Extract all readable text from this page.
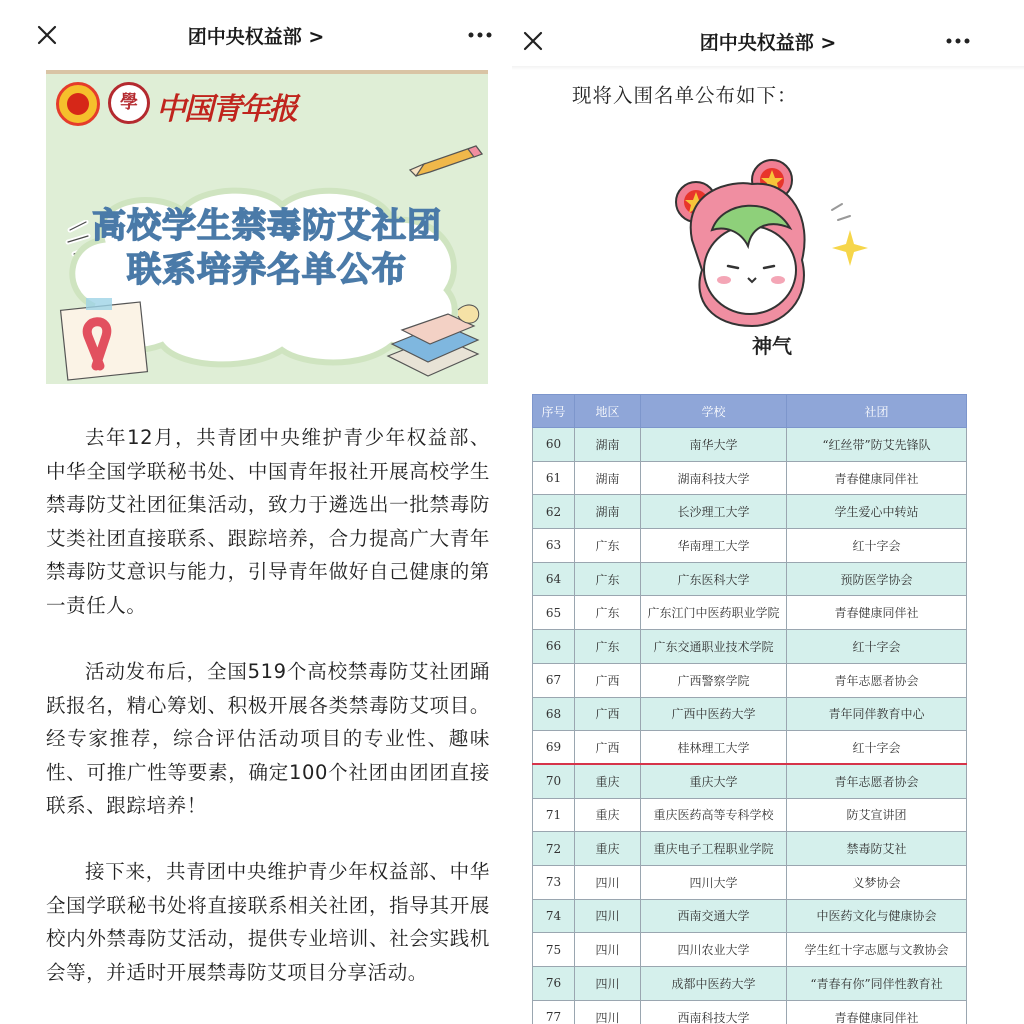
团中央权益部 >
學 中国青年报
高校学生禁毒防艾社团
联系培养名单公布

去年12月，共青团中央维护青少年权益部、中华全国学联秘书处、中国青年报社开展高校学生禁毒防艾社团征集活动，致力于遴选出一批禁毒防艾类社团直接联系、跟踪培养，合力提高广大青年禁毒防艾意识与能力，引导青年做好自己健康的第一责任人。

活动发布后，全国519个高校禁毒防艾社团踊跃报名，精心筹划、积极开展各类禁毒防艾项目。经专家推荐，综合评估活动项目的专业性、趣味性、可推广性等要素，确定100个社团由团团直接联系、跟踪培养！

接下来，共青团中央维护青少年权益部、中华全国学联秘书处将直接联系相关社团，指导其开展校内外禁毒防艾活动，提供专业培训、社会实践机会等，并适时开展禁毒防艾项目分享活动。

团中央权益部 >
现将入围名单公布如下：
神气
序号	地区	学校	社团
60	湖南	南华大学	“红丝带”防艾先锋队
61	湖南	湖南科技大学	青春健康同伴社
62	湖南	长沙理工大学	学生爱心中转站
63	广东	华南理工大学	红十字会
64	广东	广东医科大学	预防医学协会
65	广东	广东江门中医药职业学院	青春健康同伴社
66	广东	广东交通职业技术学院	红十字会
67	广西	广西警察学院	青年志愿者协会
68	广西	广西中医药大学	青年同伴教育中心
69	广西	桂林理工大学	红十字会
70	重庆	重庆大学	青年志愿者协会
71	重庆	重庆医药高等专科学校	防艾宣讲团
72	重庆	重庆电子工程职业学院	禁毒防艾社
73	四川	四川大学	义梦协会
74	四川	西南交通大学	中医药文化与健康协会
75	四川	四川农业大学	学生红十字志愿与文教协会
76	四川	成都中医药大学	“青春有你”同伴性教育社
77	四川	西南科技大学	青春健康同伴社
